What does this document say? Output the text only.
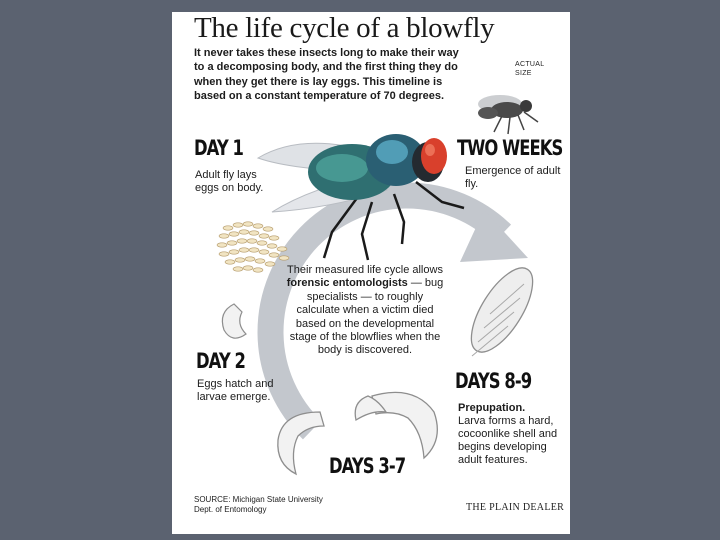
The life cycle of a blowfly

It never takes these insects long to make their way to a decomposing body, and the first thing they do when they get there is lay eggs. This timeline is based on a constant temperature of 70 degrees.

ACTUAL SIZE

DAY 1

Adult fly lays eggs on body.

TWO WEEKS

Emergence of adult fly.

DAY 2

Eggs hatch and larvae emerge.

DAYS 8-9

Prepupation.

Larva forms a hard, cocoonlike shell and begins developing adult features.

DAYS 3-7

Their measured life cycle allows forensic entomologists — bug specialists — to roughly calculate when a victim died based on the developmental stage of the blowflies when the body is discovered.

SOURCE: Michigan State University

Dept. of Entomology	THE PLAIN DEALER
